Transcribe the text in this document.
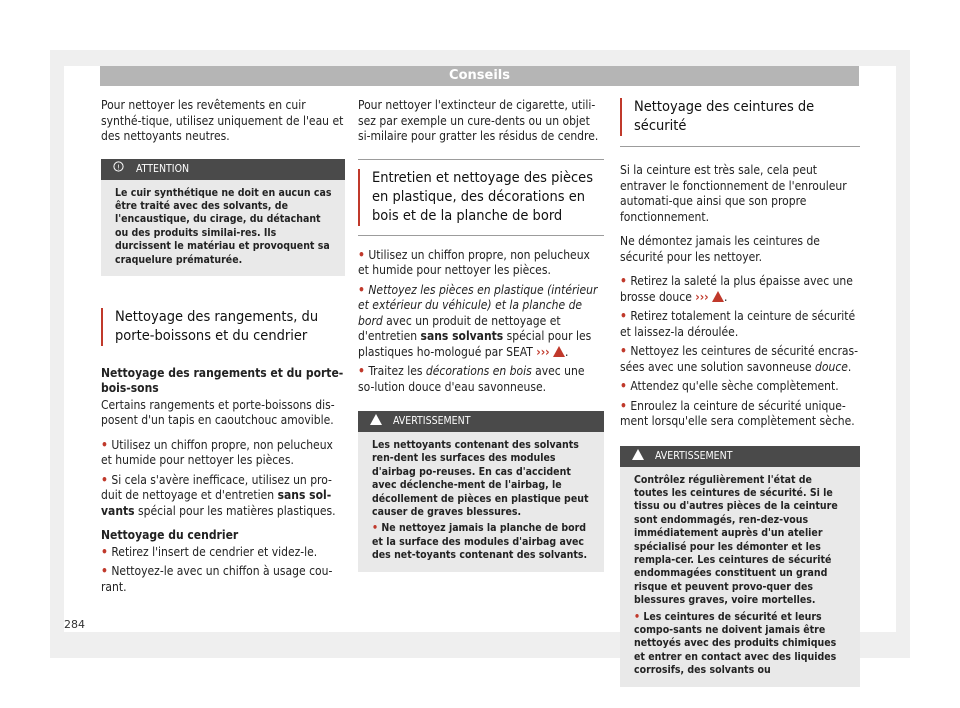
Conseils

Pour nettoyer les revêtements en cuir synthé-tique, utilisez uniquement de l'eau et des nettoyants neutres.

! ATTENTION
Le cuir synthétique ne doit en aucun cas être traité avec des solvants, de l'encaustique, du cirage, du détachant ou des produits similai-res. Ils durcissent le matériau et provoquent sa craquelure prématurée.
Nettoyage des rangements, du porte-boissons et du cendrier

Nettoyage des rangements et du porte-bois-sons

Certains rangements et porte-boissons dis-posent d'un tapis en caoutchouc amovible.

• Utilisez un chiffon propre, non pelucheux et humide pour nettoyer les pièces.

• Si cela s'avère inefficace, utilisez un pro-duit de nettoyage et d'entretien sans sol-vants spécial pour les matières plastiques.

Nettoyage du cendrier

• Retirez l'insert de cendrier et videz-le.

• Nettoyez-le avec un chiffon à usage cou-rant.

Pour nettoyer l'extincteur de cigarette, utili-sez par exemple un cure-dents ou un objet si-milaire pour gratter les résidus de cendre.

Entretien et nettoyage des pièces en plastique, des décorations en bois et de la planche de bord

• Utilisez un chiffon propre, non pelucheux et humide pour nettoyer les pièces.

• Nettoyez les pièces en plastique (intérieur et extérieur du véhicule) et la planche de bord avec un produit de nettoyage et d'entretien sans solvants spécial pour les plastiques ho-mologué par SEAT ››› .

• Traitez les décorations en bois avec une so-lution douce d'eau savonneuse.

AVERTISSEMENT
Les nettoyants contenant des solvants ren-dent les surfaces des modules d'airbag po-reuses. En cas d'accident avec déclenche-ment de l'airbag, le décollement de pièces en plastique peut causer de graves blessures.
• Ne nettoyez jamais la planche de bord et la surface des modules d'airbag avec des net-toyants contenant des solvants.
Nettoyage des ceintures de sécurité

Si la ceinture est très sale, cela peut entraver le fonctionnement de l'enrouleur automati-que ainsi que son propre fonctionnement.

Ne démontez jamais les ceintures de sécurité pour les nettoyer.

• Retirez la saleté la plus épaisse avec une brosse douce ››› .

• Retirez totalement la ceinture de sécurité et laissez-la déroulée.

• Nettoyez les ceintures de sécurité encras-sées avec une solution savonneuse douce.

• Attendez qu'elle sèche complètement.

• Enroulez la ceinture de sécurité unique-ment lorsqu'elle sera complètement sèche.

AVERTISSEMENT
Contrôlez régulièrement l'état de toutes les ceintures de sécurité. Si le tissu ou d'autres pièces de la ceinture sont endommagés, ren-dez-vous immédiatement auprès d'un atelier spécialisé pour les démonter et les rempla-cer. Les ceintures de sécurité endommagées constituent un grand risque et peuvent provo-quer des blessures graves, voire mortelles.
• Les ceintures de sécurité et leurs compo-sants ne doivent jamais être nettoyés avec des produits chimiques et entrer en contact avec des liquides corrosifs, des solvants ou
284
